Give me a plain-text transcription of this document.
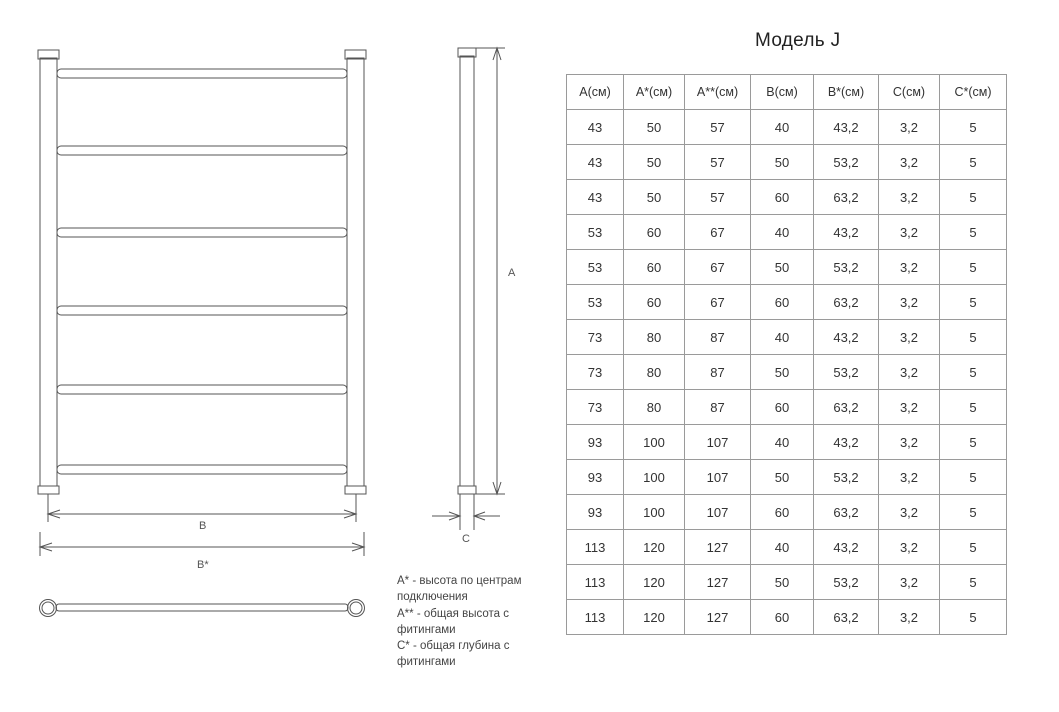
A
B
B*
C
Модель J
A(см)	A*(см)	A**(см)	B(см)	B*(см)	C(см)	C*(см)
43	50	57	40	43,2	3,2	5
43	50	57	50	53,2	3,2	5
43	50	57	60	63,2	3,2	5
53	60	67	40	43,2	3,2	5
53	60	67	50	53,2	3,2	5
53	60	67	60	63,2	3,2	5
73	80	87	40	43,2	3,2	5
73	80	87	50	53,2	3,2	5
73	80	87	60	63,2	3,2	5
93	100	107	40	43,2	3,2	5
93	100	107	50	53,2	3,2	5
93	100	107	60	63,2	3,2	5
113	120	127	40	43,2	3,2	5
113	120	127	50	53,2	3,2	5
113	120	127	60	63,2	3,2	5
A* - высота по центрам подключения
A** - общая высота с фитингами
C* - общая глубина с фитингами
